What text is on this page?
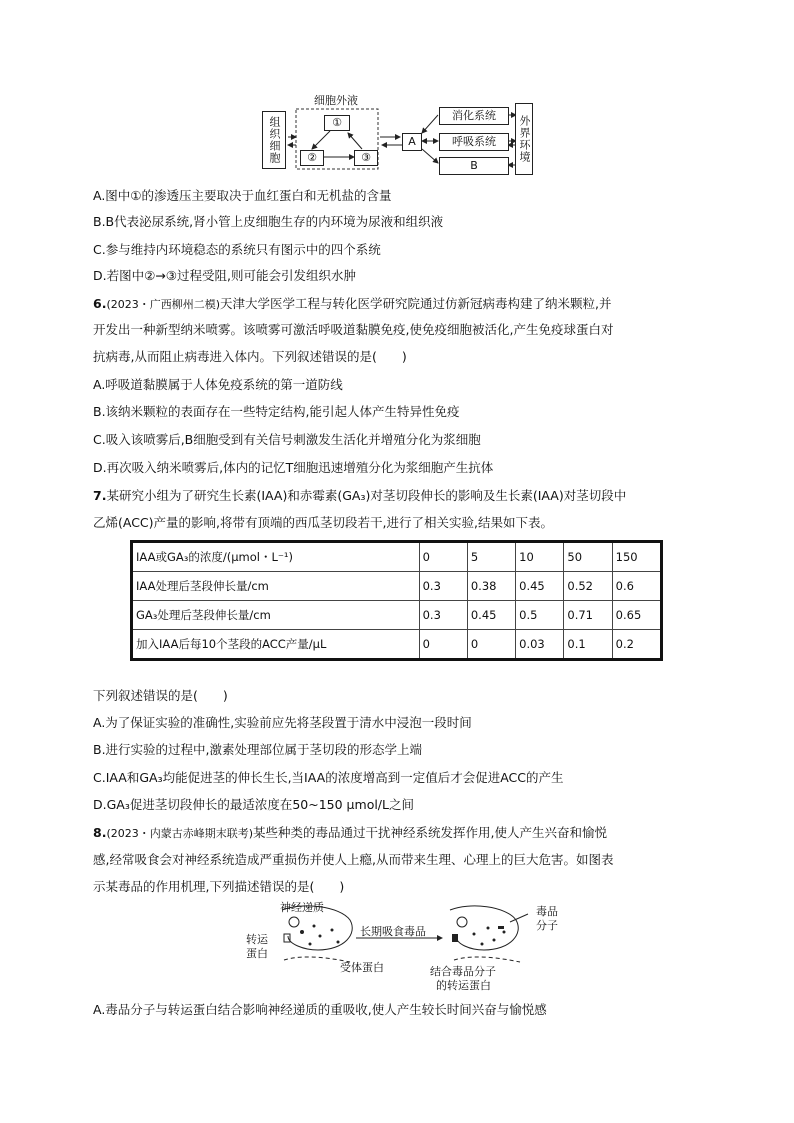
细胞外液
组织细胞	①
②	③
A
消化系统
呼吸系统
B
外界环境
A.图中①的渗透压主要取决于血红蛋白和无机盐的含量
B.B代表泌尿系统,肾小管上皮细胞生存的内环境为尿液和组织液
C.参与维持内环境稳态的系统只有图示中的四个系统
D.若图中②→③过程受阻,则可能会引发组织水肿
6.(2023・广西柳州二模)天津大学医学工程与转化医学研究院通过仿新冠病毒构建了纳米颗粒,并
开发出一种新型纳米喷雾。该喷雾可激活呼吸道黏膜免疫,使免疫细胞被活化,产生免疫球蛋白对
抗病毒,从而阻止病毒进入体内。下列叙述错误的是(　　)
A.呼吸道黏膜属于人体免疫系统的第一道防线
B.该纳米颗粒的表面存在一些特定结构,能引起人体产生特异性免疫
C.吸入该喷雾后,B细胞受到有关信号刺激发生活化并增殖分化为浆细胞
D.再次吸入纳米喷雾后,体内的记忆T细胞迅速增殖分化为浆细胞产生抗体
7.某研究小组为了研究生长素(IAA)和赤霉素(GA₃)对茎切段伸长的影响及生长素(IAA)对茎切段中
乙烯(ACC)产量的影响,将带有顶端的西瓜茎切段若干,进行了相关实验,结果如下表。
IAA或GA₃的浓度/(μmol・L⁻¹)	0	5	10	50	150
IAA处理后茎段伸长量/cm	0.3	0.38	0.45	0.52	0.6
GA₃处理后茎段伸长量/cm	0.3	0.45	0.5	0.71	0.65
加入IAA后每10个茎段的ACC产量/μL	0	0	0.03	0.1	0.2
下列叙述错误的是(　　)
A.为了保证实验的准确性,实验前应先将茎段置于清水中浸泡一段时间
B.进行实验的过程中,激素处理部位属于茎切段的形态学上端
C.IAA和GA₃均能促进茎的伸长生长,当IAA的浓度增高到一定值后才会促进ACC的产生
D.GA₃促进茎切段伸长的最适浓度在50~150 μmol/L之间
8.(2023・内蒙古赤峰期末联考)某些种类的毒品通过干扰神经系统发挥作用,使人产生兴奋和愉悦
感,经常吸食会对神经系统造成严重损伤并使人上瘾,从而带来生理、心理上的巨大危害。如图表
示某毒品的作用机理,下列描述错误的是(　　)
神经递质
转运
蛋白
长期吸食毒品
受体蛋白
毒品
分子
结合毒品分子
的转运蛋白
A.毒品分子与转运蛋白结合影响神经递质的重吸收,使人产生较长时间兴奋与愉悦感
